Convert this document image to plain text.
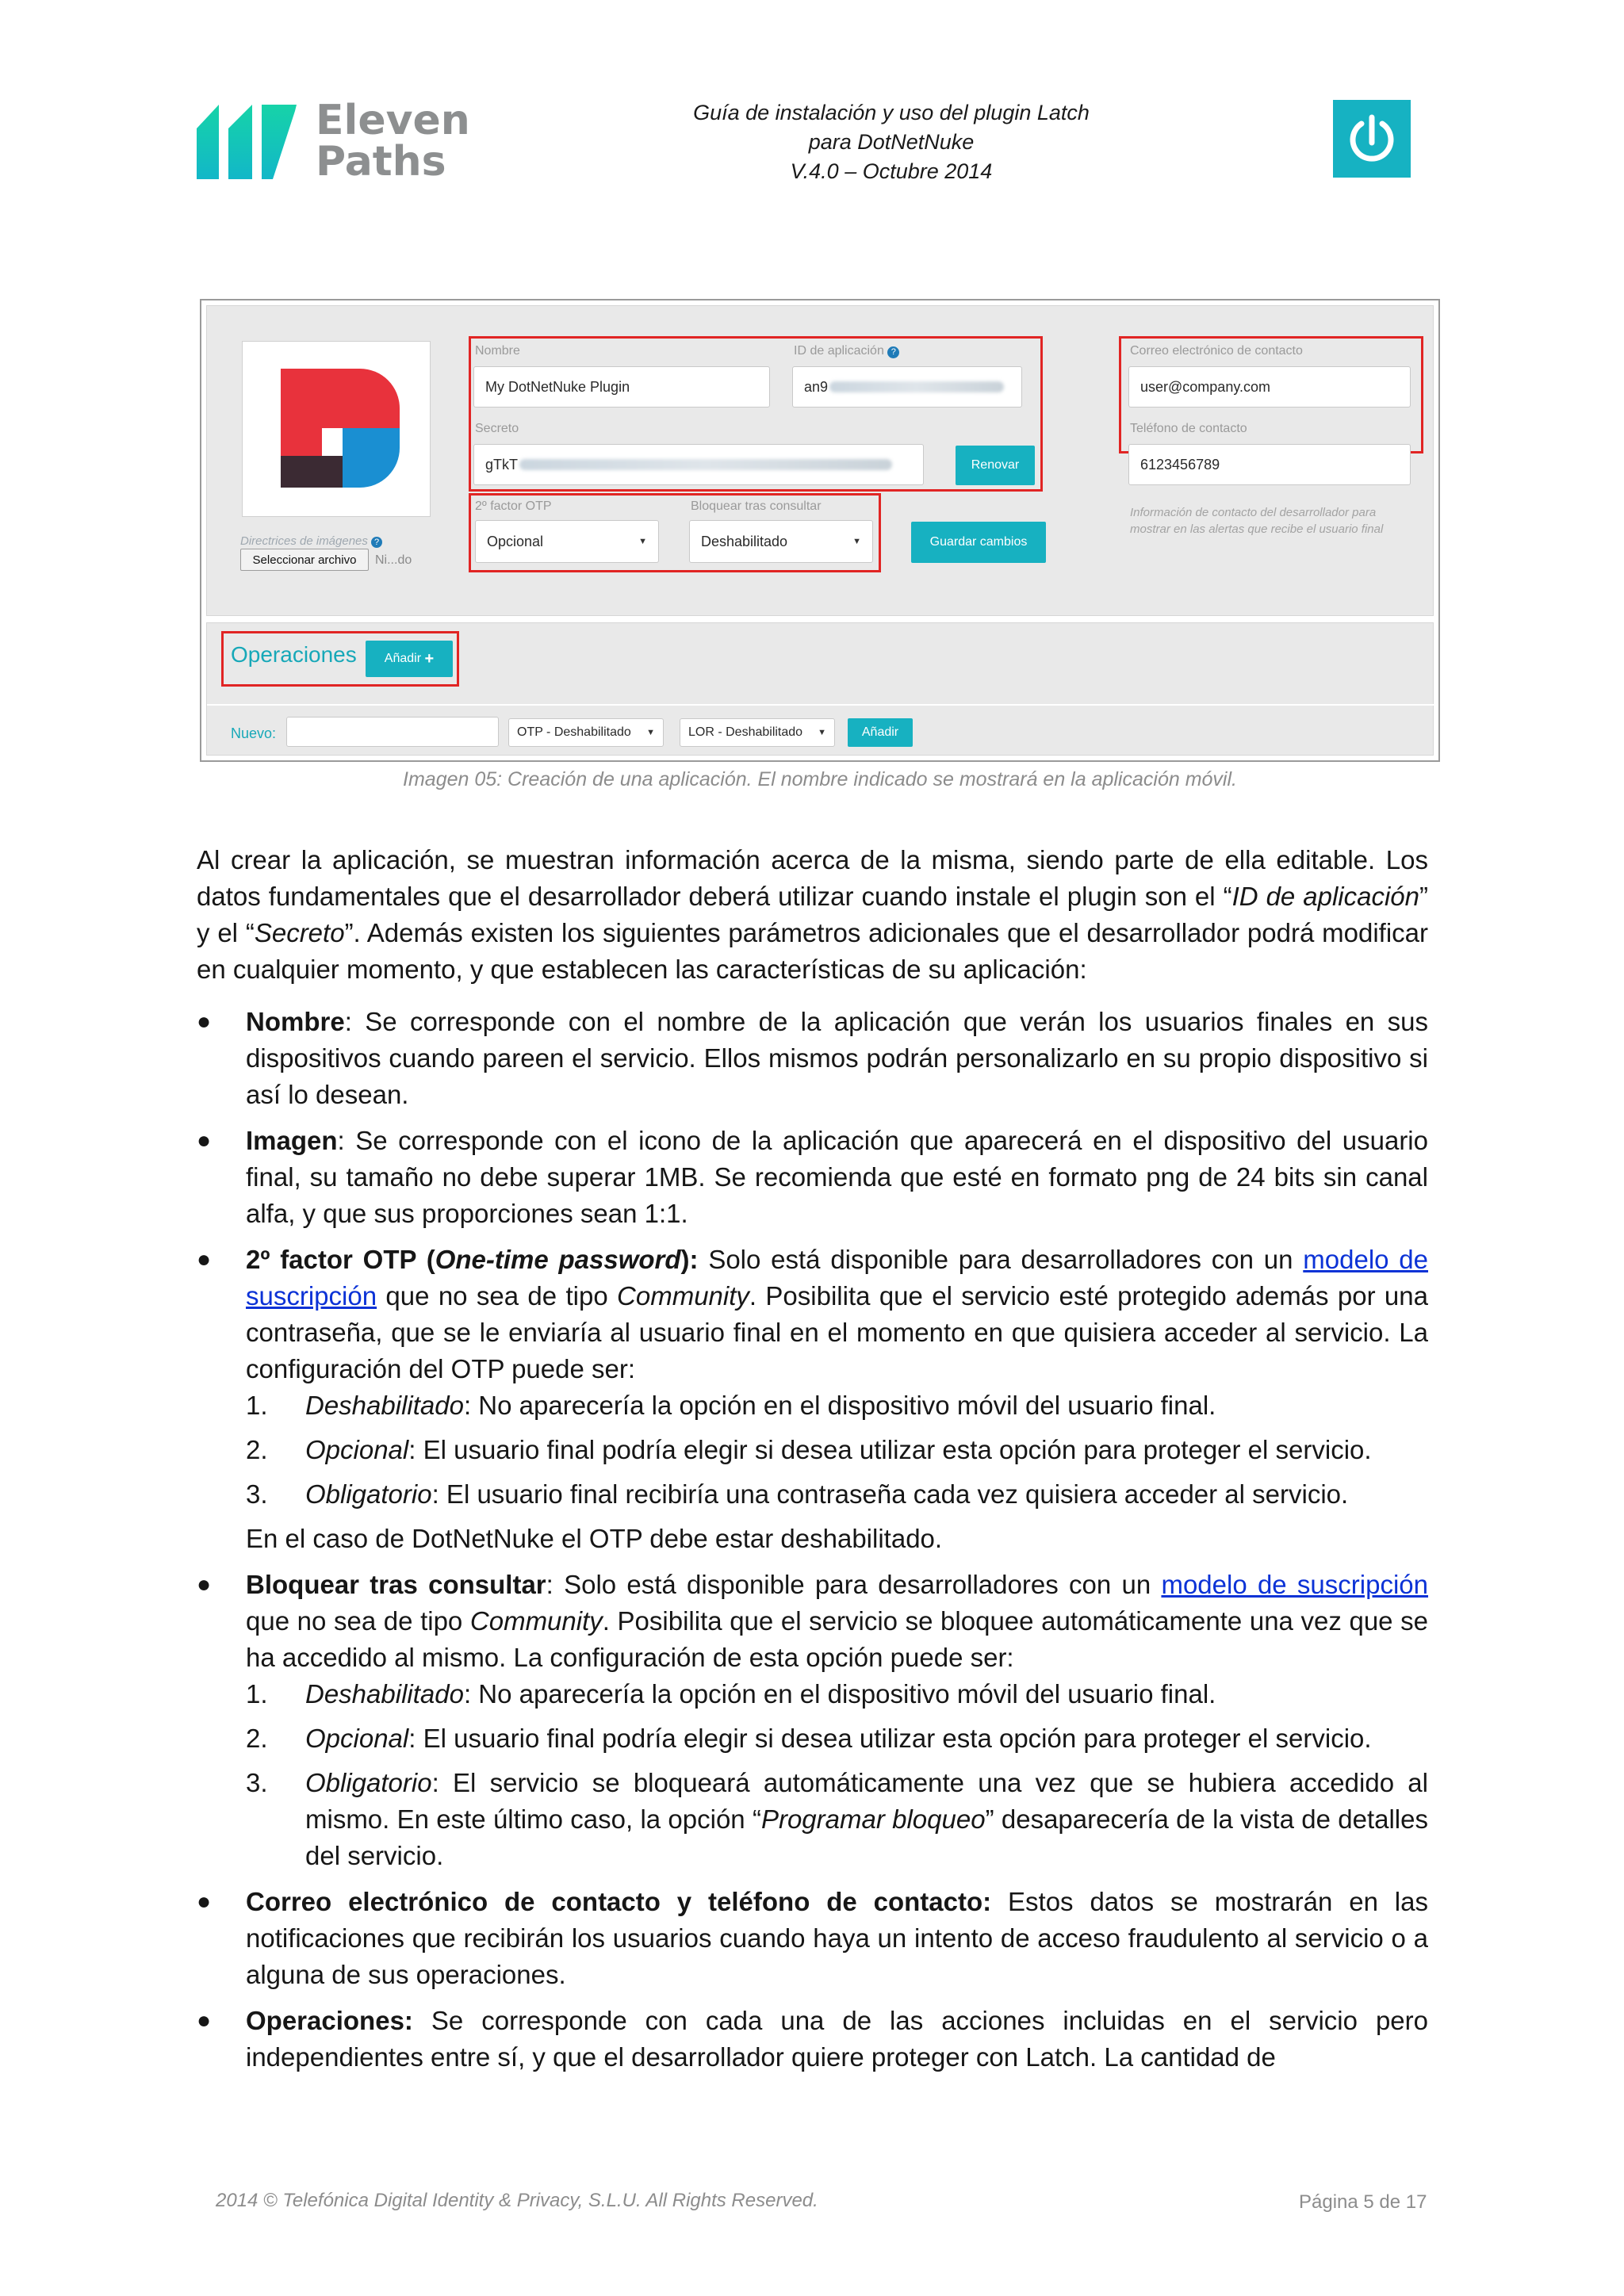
Eleven
Paths
Guía de instalación y uso del plugin Latch
para DotNetNuke
V.4.0 – Octubre 2014
Directrices de imágenes ?
Seleccionar archivo	Ni...do
Nombre
My DotNetNuke Plugin
ID de aplicación ?
an9
Secreto
gTkT	Renovar
2º factor OTP
Opcional	▼
Bloquear tras consultar
Deshabilitado	▼	Guardar cambios
Correo electrónico de contacto
user@company.com
Teléfono de contacto
6123456789
Información de contacto del desarrollador para mostrar en las alertas que recibe el usuario final
Operaciones Añadir
+
Nuevo:	OTP - Deshabilitado ▼	LOR - Deshabilitado ▼	Añadir
Imagen 05: Creación de una aplicación. El nombre indicado se mostrará en la aplicación móvil.
Al crear la aplicación, se muestran información acerca de la misma, siendo parte de ella editable. Los datos fundamentales que el desarrollador deberá utilizar cuando instale el plugin son el “ID de aplicación” y el “Secreto”. Además existen los siguientes parámetros adicionales que el desarrollador podrá modificar en cualquier momento, y que establecen las características de su aplicación:
●	Nombre: Se corresponde con el nombre de la aplicación que verán los usuarios finales en sus dispositivos cuando pareen el servicio. Ellos mismos podrán personalizarlo en su propio dispositivo si así lo desean.
●	Imagen: Se corresponde con el icono de la aplicación que aparecerá en el dispositivo del usuario final, su tamaño no debe superar 1MB. Se recomienda que esté en formato png de 24 bits sin canal alfa, y que sus proporciones sean 1:1.
●	2º factor OTP (One-time password): Solo está disponible para desarrolladores con un modelo de suscripción que no sea de tipo Community. Posibilita que el servicio esté protegido además por una contraseña, que se le enviaría al usuario final en el momento en que quisiera acceder al servicio. La configuración del OTP puede ser:
1. Deshabilitado: No aparecería la opción en el dispositivo móvil del usuario final.
2. Opcional: El usuario final podría elegir si desea utilizar esta opción para proteger el servicio.
3. Obligatorio: El usuario final recibiría una contraseña cada vez quisiera acceder al servicio.
En el caso de DotNetNuke el OTP debe estar deshabilitado.
●	Bloquear tras consultar: Solo está disponible para desarrolladores con un modelo de suscripción que no sea de tipo Community. Posibilita que el servicio se bloquee automáticamente una vez que se ha accedido al mismo. La configuración de esta opción puede ser:
1. Deshabilitado: No aparecería la opción en el dispositivo móvil del usuario final.
2. Opcional: El usuario final podría elegir si desea utilizar esta opción para proteger el servicio.
3. Obligatorio: El servicio se bloqueará automáticamente una vez que se hubiera accedido al mismo. En este último caso, la opción “Programar bloqueo” desaparecería de la vista de detalles del servicio.
●	Correo electrónico de contacto y teléfono de contacto: Estos datos se mostrarán en las notificaciones que recibirán los usuarios cuando haya un intento de acceso fraudulento al servicio o a alguna de sus operaciones.
●	Operaciones: Se corresponde con cada una de las acciones incluidas en el servicio pero independientes entre sí, y que el desarrollador quiere proteger con Latch. La cantidad de
2014 © Telefónica Digital Identity & Privacy, S.L.U. All Rights Reserved.	Página 5 de 17
